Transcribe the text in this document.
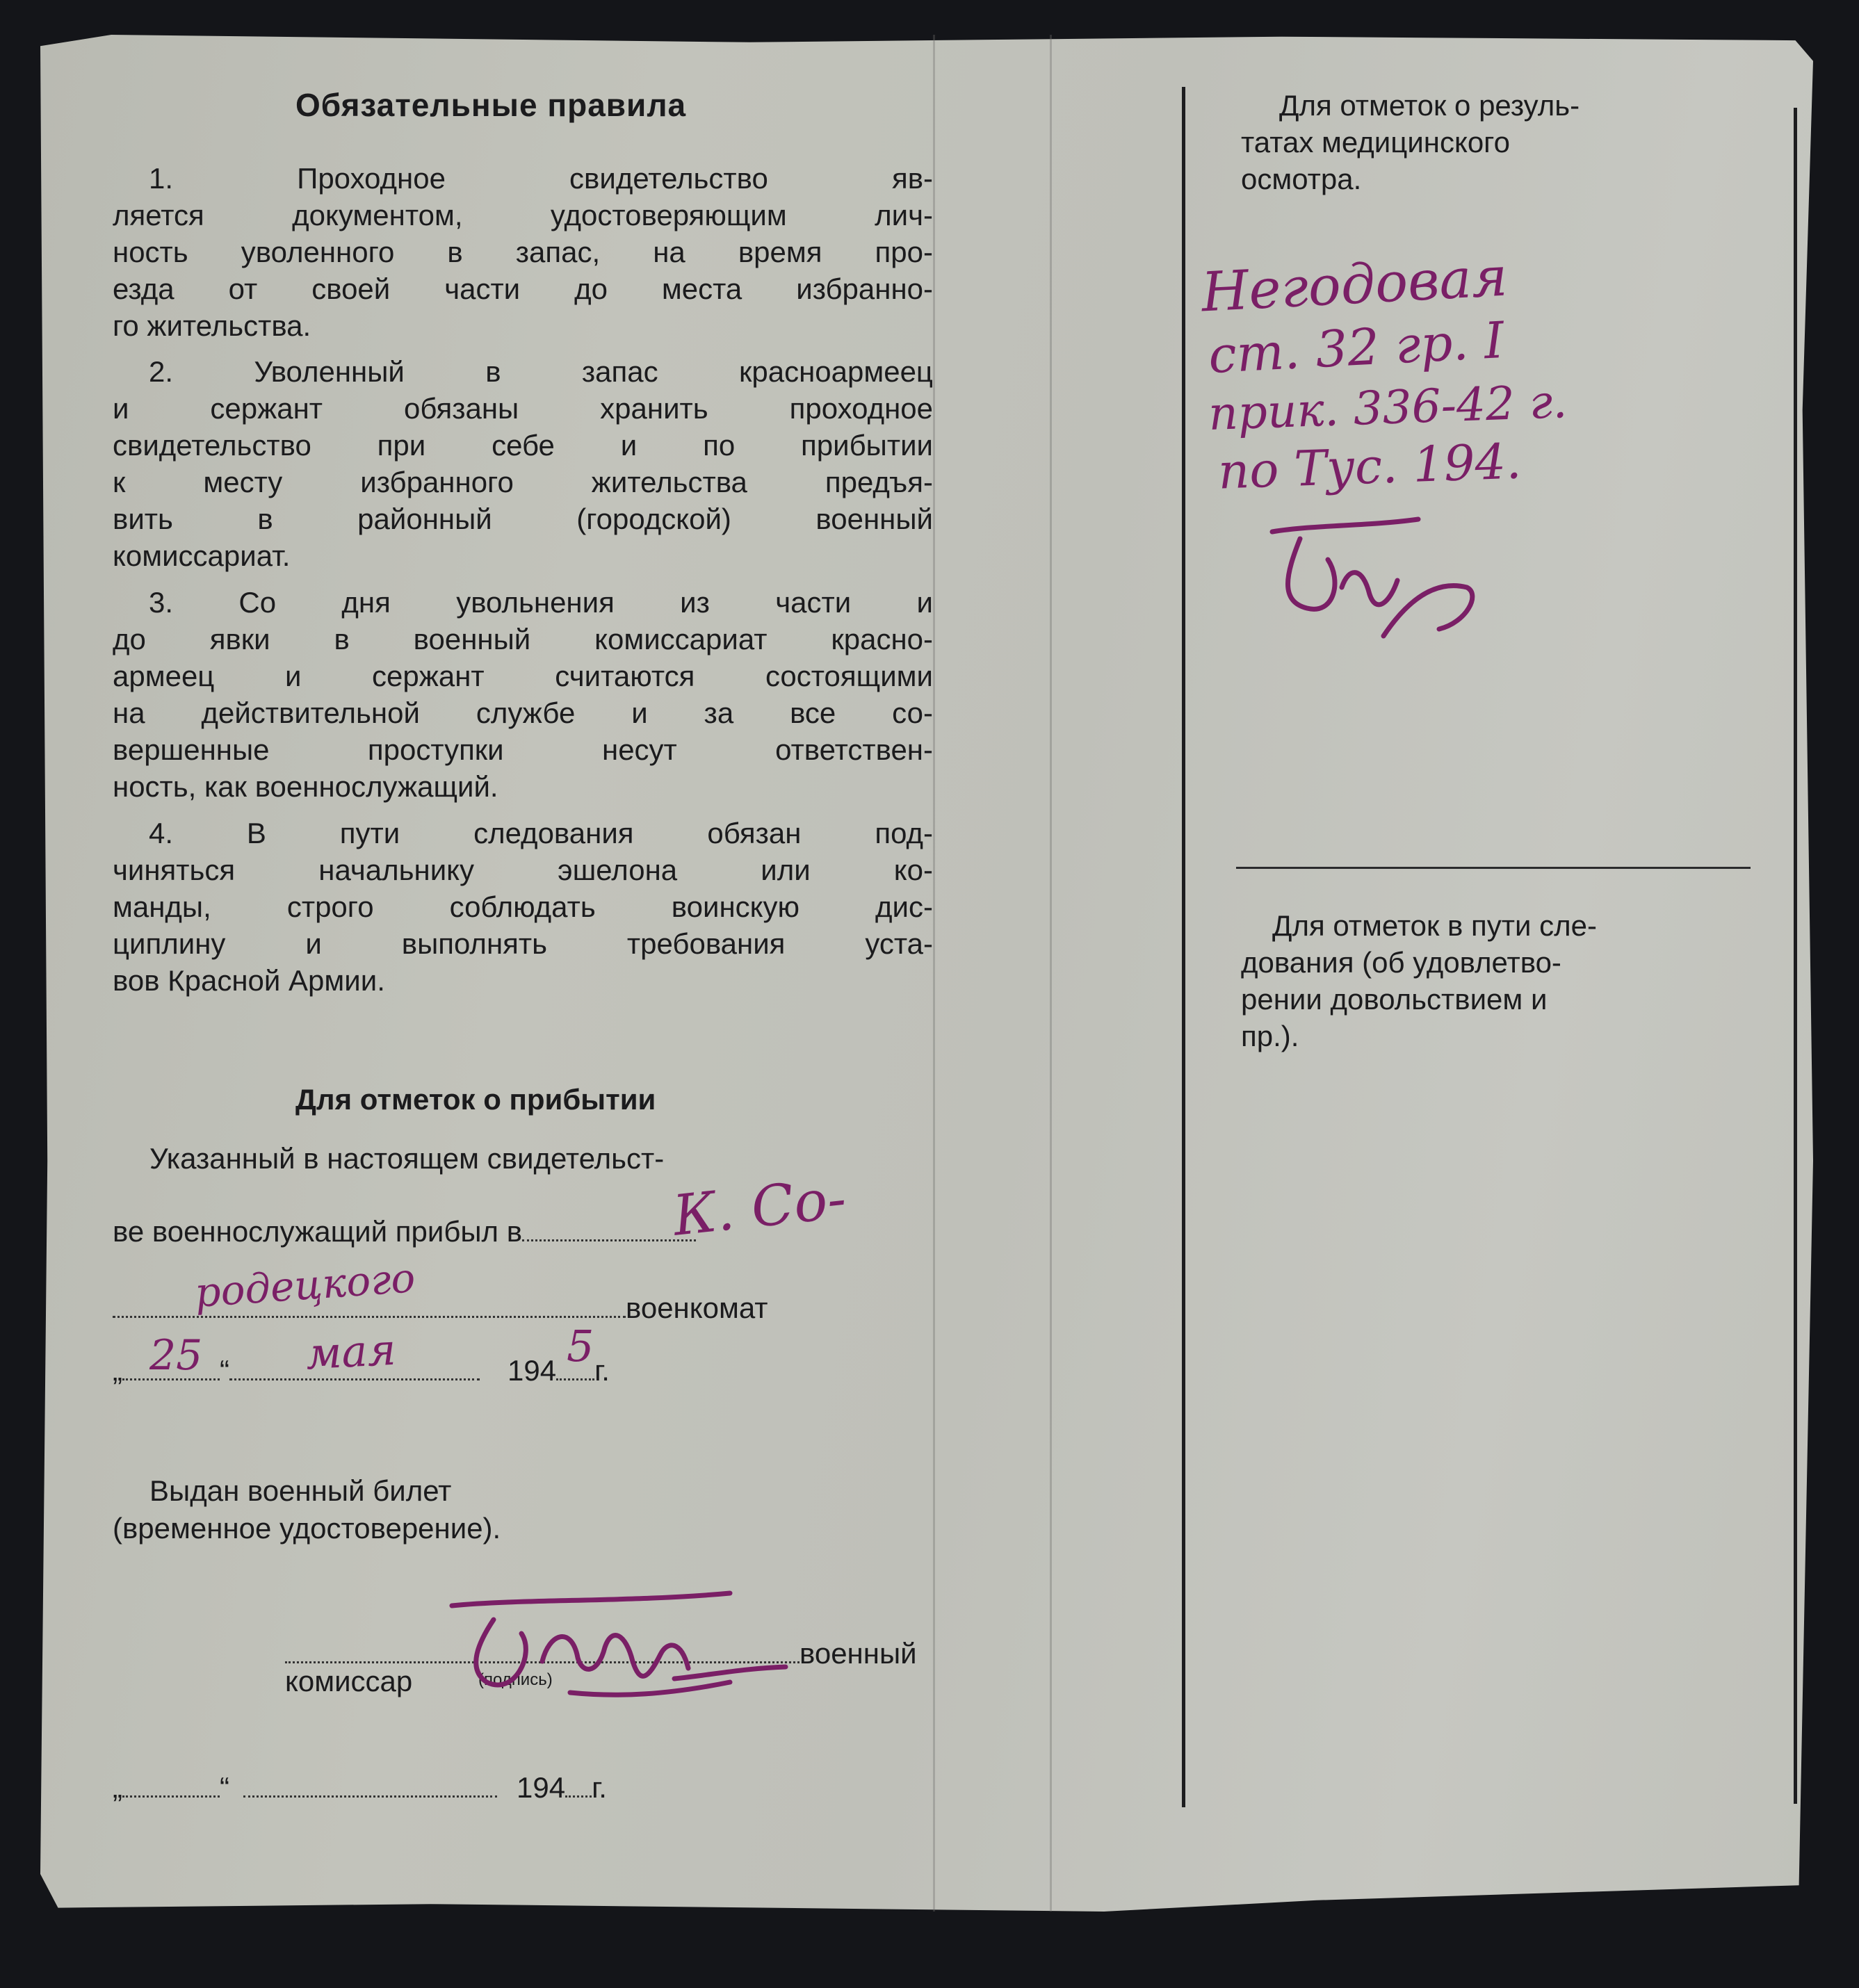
Обязательные правила
1. Проходное свидетельство яв-
ляется документом, удостоверяющим лич-
ность уволенного в запас, на время про-
езда от своей части до места избранно-
го жительства.
2. Уволенный в запас красноармеец
и сержант обязаны хранить проходное
свидетельство при себе и по прибытии
к месту избранного жительства предъя-
вить в районный (городской) военный
комиссариат.
3. Со дня увольнения из части и
до явки в военный комиссариат красно-
армеец и сержант считаются состоящими
на действительной службе и за все со-
вершенные проступки несут ответствен-
ность, как военнослужащий.
4. В пути следования обязан под-
чиняться начальнику эшелона или ко-
манды, строго соблюдать воинскую дис-
циплину и выполнять требования уста-
вов Красной Армии.
Для отметок о прибытии
Указанный в настоящем свидетельст-
ве военнослужащий прибыл в
военкомат
„	“	194 г.
Выдан военный билет
(временное удостоверение).
военный
комиссар	(подпись)
„	“	194 г.
К. Со-
родецкого
25 мая	5
Для отметок о резуль-
татах медицинского
осмотра.
Негодовая
ст. 32 гр. I
прик. 336-42 г.
по Тус. 194.
Для отметок в пути сле-
дования (об удовлетво-
рении довольствием и
пр.).
